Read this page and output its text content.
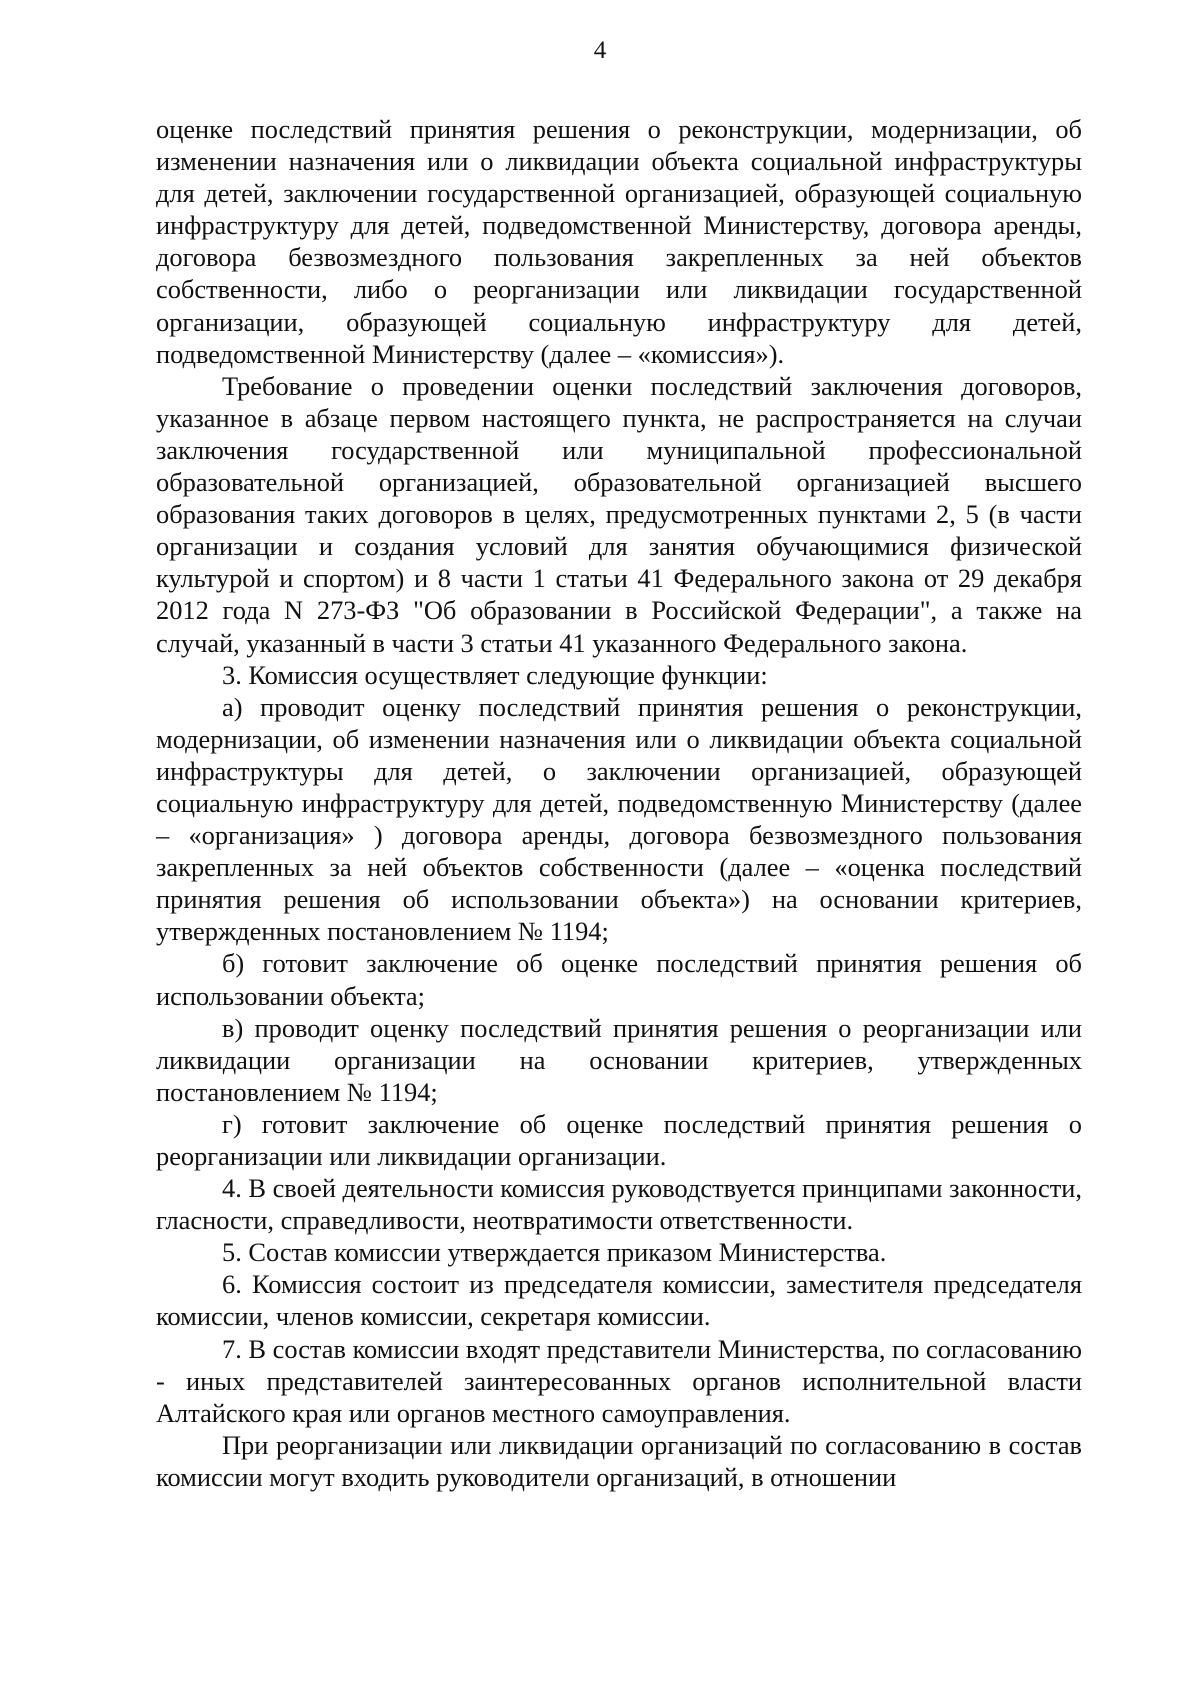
4

оценке последствий принятия решения о реконструкции, модернизации, об изменении назначения или о ликвидации объекта социальной инфраструктуры для детей, заключении государственной организацией, образующей социальную инфраструктуру для детей, подведомственной Министерству, договора аренды, договора безвозмездного пользования закрепленных за ней объектов собственности, либо о реорганизации или ликвидации государственной организации, образующей социальную инфраструктуру для детей, подведомственной Министерству (далее – «комиссия»).

Требование о проведении оценки последствий заключения договоров, указанное в абзаце первом настоящего пункта, не распространяется на случаи заключения государственной или муниципальной профессиональной образовательной организацией, образовательной организацией высшего образования таких договоров в целях, предусмотренных пунктами 2, 5 (в части организации и создания условий для занятия обучающимися физической культурой и спортом) и 8 части 1 статьи 41 Федерального закона от 29 декабря 2012 года N 273-ФЗ "Об образовании в Российской Федерации", а также на случай, указанный в части 3 статьи 41 указанного Федерального закона.

3. Комиссия осуществляет следующие функции:

а) проводит оценку последствий принятия решения о реконструкции, модернизации, об изменении назначения или о ликвидации объекта социальной инфраструктуры для детей, о заключении организацией, образующей социальную инфраструктуру для детей, подведомственную Министерству (далее – «организация» ) договора аренды, договора безвозмездного пользования закрепленных за ней объектов собственности (далее – «оценка последствий принятия решения об использовании объекта») на основании критериев, утвержденных постановлением № 1194;

б) готовит заключение об оценке последствий принятия решения об использовании объекта;

в) проводит оценку последствий принятия решения о реорганизации или ликвидации организации на основании критериев, утвержденных постановлением № 1194;

г) готовит заключение об оценке последствий принятия решения о реорганизации или ликвидации организации.

4. В своей деятельности комиссия руководствуется принципами законности, гласности, справедливости, неотвратимости ответственности.

5. Состав комиссии утверждается приказом Министерства.

6. Комиссия состоит из председателя комиссии, заместителя председателя комиссии, членов комиссии, секретаря комиссии.

7. В состав комиссии входят представители Министерства, по согласованию - иных представителей заинтересованных органов исполнительной власти Алтайского края или органов местного самоуправления.

При реорганизации или ликвидации организаций по согласованию в состав комиссии могут входить руководители организаций, в отношении
